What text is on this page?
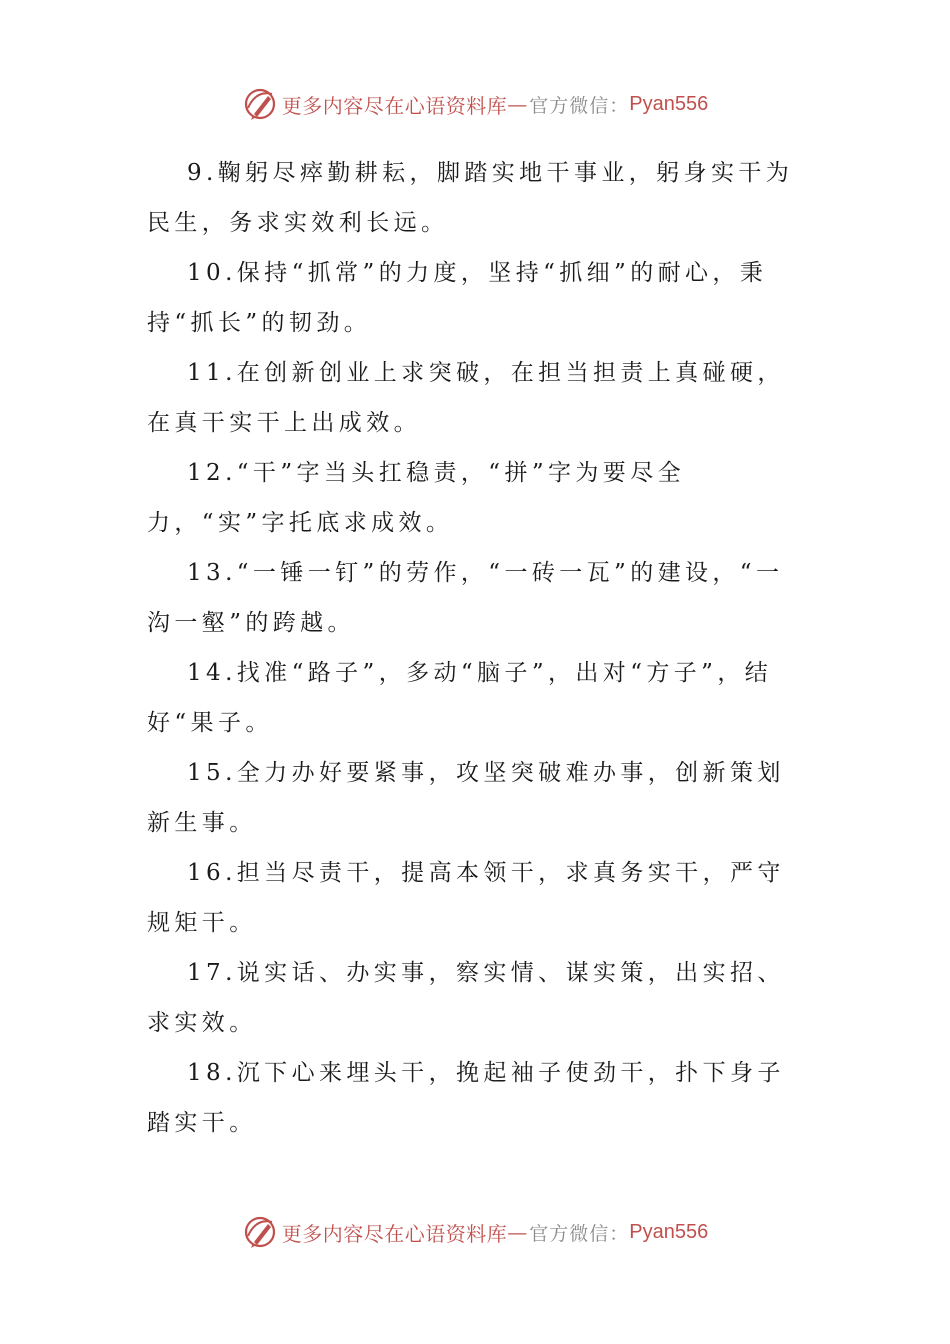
更多内容尽在心语资料库 — 官方微信： Pyan556

9.鞠躬尽瘁勤耕耘，脚踏实地干事业，躬身实干为民生，务求实效利长远。

10.保持“抓常”的力度，坚持“抓细”的耐心，秉持“抓长”的韧劲。

11.在创新创业上求突破，在担当担责上真碰硬，在真干实干上出成效。

12.“干”字当头扛稳责，“拼”字为要尽全力，“实”字托底求成效。

13.“一锤一钉”的劳作，“一砖一瓦”的建设，“一沟一壑”的跨越。

14.找准“路子”，多动“脑子”，出对“方子”，结好“果子。

15.全力办好要紧事，攻坚突破难办事，创新策划新生事。

16.担当尽责干，提高本领干，求真务实干，严守规矩干。

17.说实话、办实事，察实情、谋实策，出实招、求实效。

18.沉下心来埋头干，挽起袖子使劲干，扑下身子踏实干。

更多内容尽在心语资料库 — 官方微信： Pyan556
